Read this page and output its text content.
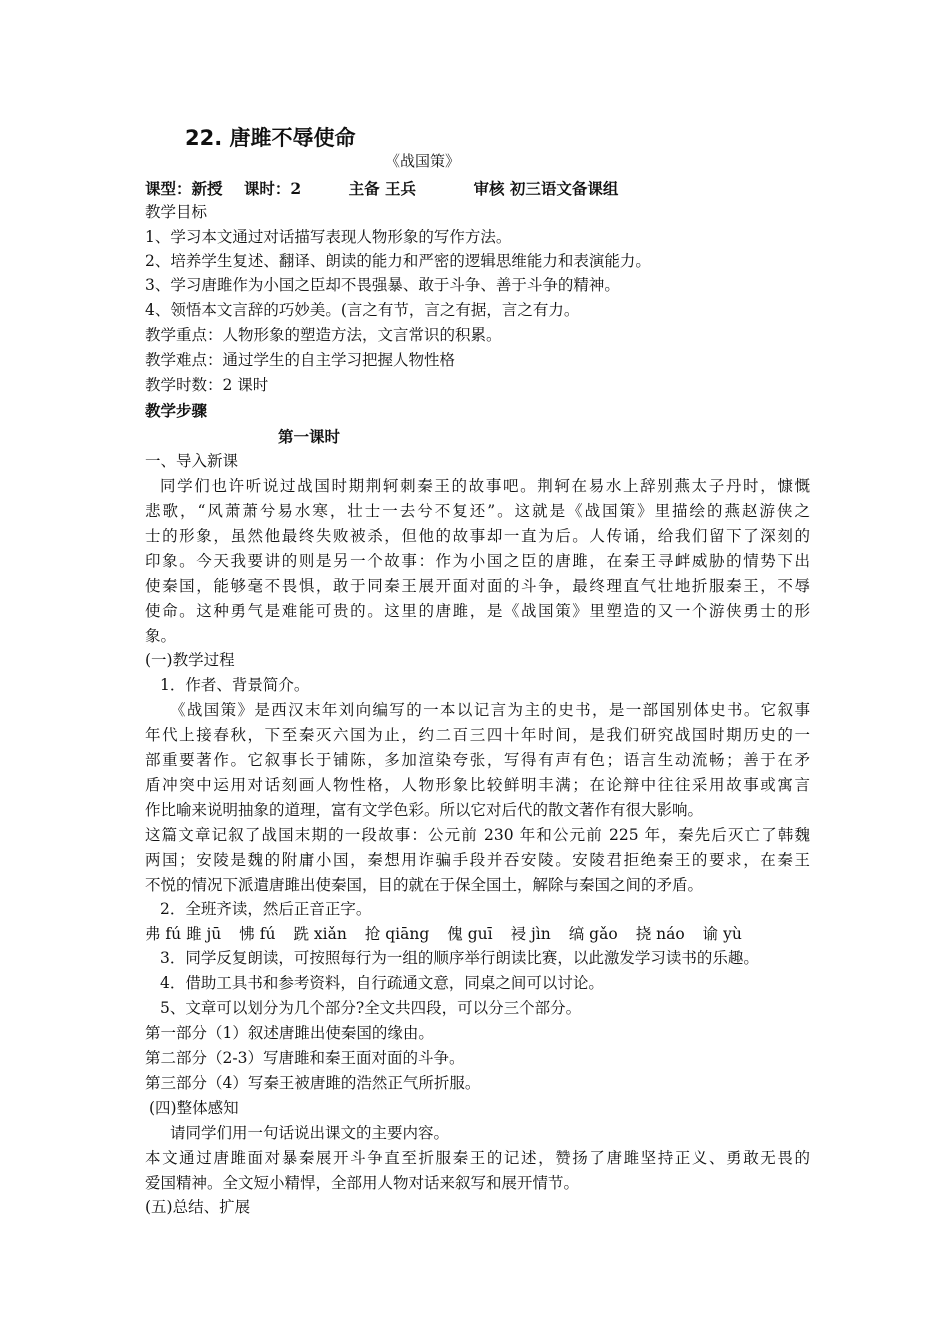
22. 唐雎不辱使命
《战国策》
课型：新授 课时：2	主备 王兵	审核 初三语文备课组
教学目标
1、学习本文通过对话描写表现人物形象的写作方法。
2、培养学生复述、翻译、朗读的能力和严密的逻辑思维能力和表演能力。
3、学习唐雎作为小国之臣却不畏强暴、敢于斗争、善于斗争的精神。
4、领悟本文言辞的巧妙美。(言之有节，言之有据，言之有力。
教学重点：人物形象的塑造方法，文言常识的积累。
教学难点：通过学生的自主学习把握人物性格
教学时数：2 课时
教学步骤
第一课时
一、导入新课
同学们也许听说过战国时期荆轲刺秦王的故事吧。荆轲在易水上辞别燕太子丹时，慷慨
悲歌，“风萧萧兮易水寒，壮士一去兮不复还”。这就是《战国策》里描绘的燕赵游侠之
士的形象，虽然他最终失败被杀，但他的故事却一直为后。人传诵，给我们留下了深刻的
印象。今天我要讲的则是另一个故事：作为小国之臣的唐雎，在秦王寻衅威胁的情势下出
使秦国，能够毫不畏惧，敢于同秦王展开面对面的斗争，最终理直气壮地折服秦王，不辱
使命。这种勇气是难能可贵的。这里的唐雎，是《战国策》里塑造的又一个游侠勇士的形
象。
(一)教学过程
1．作者、背景简介。
《战国策》是西汉末年刘向编写的一本以记言为主的史书，是一部国别体史书。它叙事
年代上接春秋，下至秦灭六国为止，约二百三四十年时间，是我们研究战国时期历史的一
部重要著作。它叙事长于铺陈，多加渲染夸张，写得有声有色；语言生动流畅；善于在矛
盾冲突中运用对话刻画人物性格，人物形象比较鲜明丰满；在论辩中往往采用故事或寓言
作比喻来说明抽象的道理，富有文学色彩。所以它对后代的散文著作有很大影响。
这篇文章记叙了战国末期的一段故事：公元前 230 年和公元前 225 年，秦先后灭亡了韩魏
两国；安陵是魏的附庸小国，秦想用诈骗手段并吞安陵。安陵君拒绝秦王的要求，在秦王
不悦的情况下派遣唐雎出使秦国，目的就在于保全国土，解除与秦国之间的矛盾。
2．全班齐读，然后正音正字。
弗 fú 雎 jū 怫 fú 跣 xiǎn 抢 qiāng 傀 guī 祲 jìn 缟 gǎo 挠 náo 谕 yù
3．同学反复朗读，可按照每行为一组的顺序举行朗读比赛，以此激发学习读书的乐趣。
4．借助工具书和参考资料，自行疏通文意，同桌之间可以讨论。
5、文章可以划分为几个部分?全文共四段，可以分三个部分。
第一部分（1）叙述唐雎出使秦国的缘由。
第二部分（2-3）写唐雎和秦王面对面的斗争。
第三部分（4）写秦王被唐雎的浩然正气所折服。
(四)整体感知
请同学们用一句话说出课文的主要内容。
本文通过唐雎面对暴秦展开斗争直至折服秦王的记述，赞扬了唐雎坚持正义、勇敢无畏的
爱国精神。全文短小精悍，全部用人物对话来叙写和展开情节。
(五)总结、扩展
